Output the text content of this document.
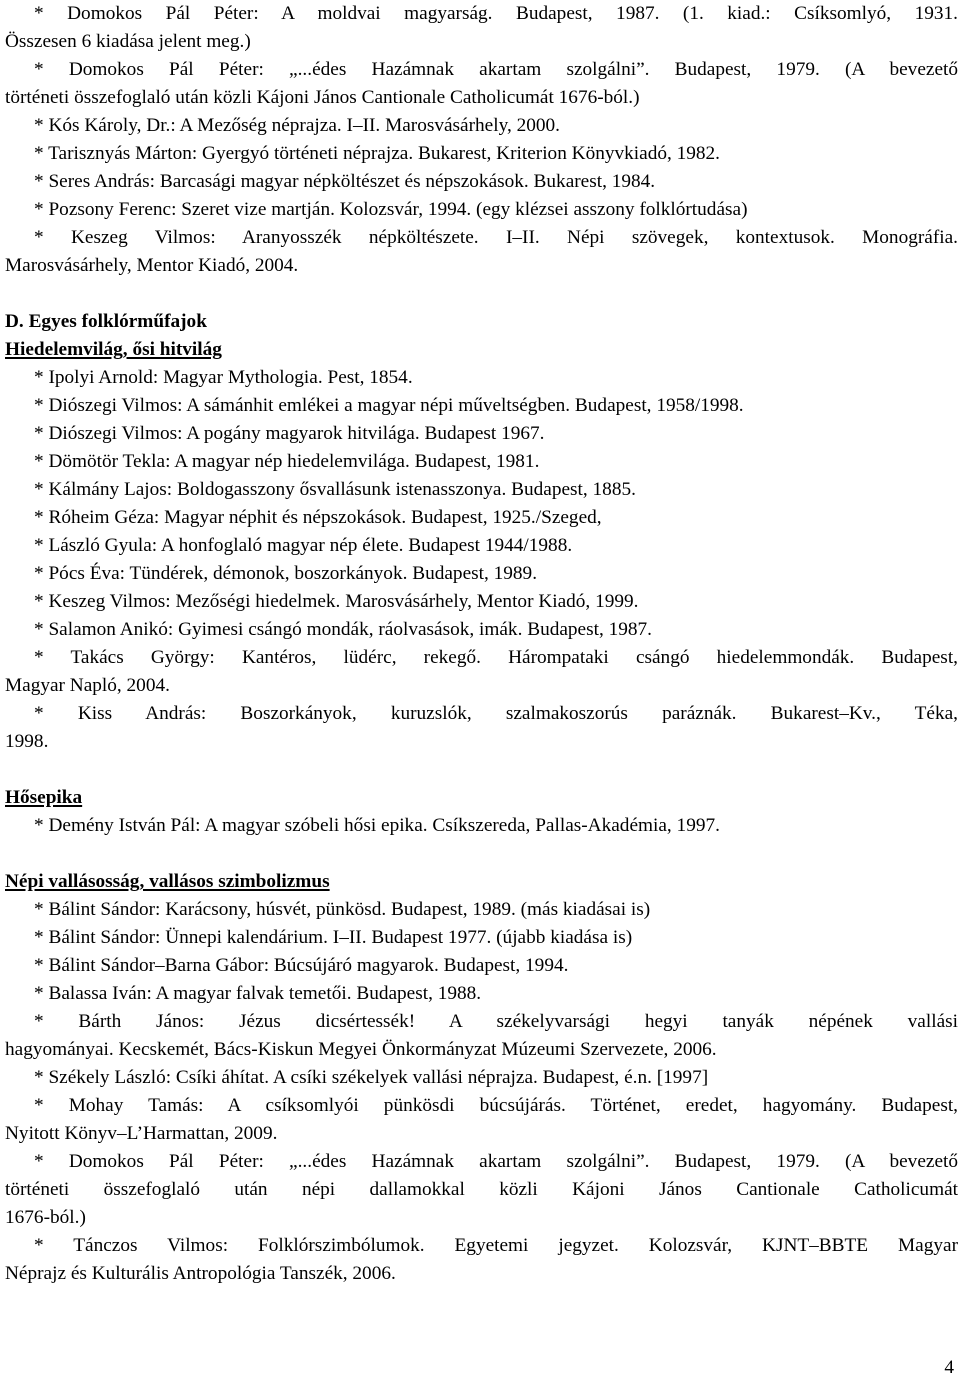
* Domokos Pál Péter: A moldvai magyarság. Budapest, 1987. (1. kiad.: Csíksomlyó, 1931.
Összesen 6 kiadása jelent meg.)
* Domokos Pál Péter: „...édes Hazámnak akartam szolgálni”. Budapest, 1979. (A bevezető
történeti összefoglaló után közli Kájoni János Cantionale Catholicumát 1676-ból.)
* Kós Károly, Dr.: A Mezőség néprajza. I–II. Marosvásárhely, 2000.
* Tarisznyás Márton: Gyergyó történeti néprajza. Bukarest, Kriterion Könyvkiadó, 1982.
* Seres András: Barcasági magyar népköltészet és népszokások. Bukarest, 1984.
* Pozsony Ferenc: Szeret vize martján. Kolozsvár, 1994. (egy klézsei asszony folklórtudása)
* Keszeg Vilmos: Aranyosszék népköltészete. I–II. Népi szövegek, kontextusok. Monográfia.
Marosvásárhely, Mentor Kiadó, 2004.
D. Egyes folklórműfajok
Hiedelemvilág, ősi hitvilág
* Ipolyi Arnold: Magyar Mythologia. Pest, 1854.
* Diószegi Vilmos: A sámánhit emlékei a magyar népi műveltségben. Budapest, 1958/1998.
* Diószegi Vilmos: A pogány magyarok hitvilága. Budapest 1967.
* Dömötör Tekla: A magyar nép hiedelemvilága. Budapest, 1981.
* Kálmány Lajos: Boldogasszony ősvallásunk istenasszonya. Budapest, 1885.
* Róheim Géza: Magyar néphit és népszokások. Budapest, 1925./Szeged,
* László Gyula: A honfoglaló magyar nép élete. Budapest 1944/1988.
* Pócs Éva: Tündérek, démonok, boszorkányok. Budapest, 1989.
* Keszeg Vilmos: Mezőségi hiedelmek. Marosvásárhely, Mentor Kiadó, 1999.
* Salamon Anikó: Gyimesi csángó mondák, ráolvasások, imák. Budapest, 1987.
* Takács György: Kantéros, lüdérc, rekegő. Hárompataki csángó hiedelemmondák. Budapest,
Magyar Napló, 2004.
* Kiss András: Boszorkányok, kuruzslók, szalmakoszorús paráznák. Bukarest–Kv., Téka,
1998.
Hősepika
* Demény István Pál: A magyar szóbeli hősi epika. Csíkszereda, Pallas-Akadémia, 1997.
Népi vallásosság, vallásos szimbolizmus
* Bálint Sándor: Karácsony, húsvét, pünkösd. Budapest, 1989. (más kiadásai is)
* Bálint Sándor: Ünnepi kalendárium. I–II. Budapest 1977. (újabb kiadása is)
* Bálint Sándor–Barna Gábor: Búcsújáró magyarok. Budapest, 1994.
* Balassa Iván: A magyar falvak temetői. Budapest, 1988.
* Bárth János: Jézus dicsértessék! A székelyvarsági hegyi tanyák népének vallási
hagyományai. Kecskemét, Bács-Kiskun Megyei Önkormányzat Múzeumi Szervezete, 2006.
* Székely László: Csíki áhítat. A csíki székelyek vallási néprajza. Budapest, é.n. [1997]
* Mohay Tamás: A csíksomlyói pünkösdi búcsújárás. Történet, eredet, hagyomány. Budapest,
Nyitott Könyv–L’Harmattan, 2009.
* Domokos Pál Péter: „...édes Hazámnak akartam szolgálni”. Budapest, 1979. (A bevezető
történeti összefoglaló után népi dallamokkal közli Kájoni János Cantionale Catholicumát
1676-ból.)
* Tánczos Vilmos: Folklórszimbólumok. Egyetemi jegyzet. Kolozsvár, KJNT–BBTE Magyar
Néprajz és Kulturális Antropológia Tanszék, 2006.
4
